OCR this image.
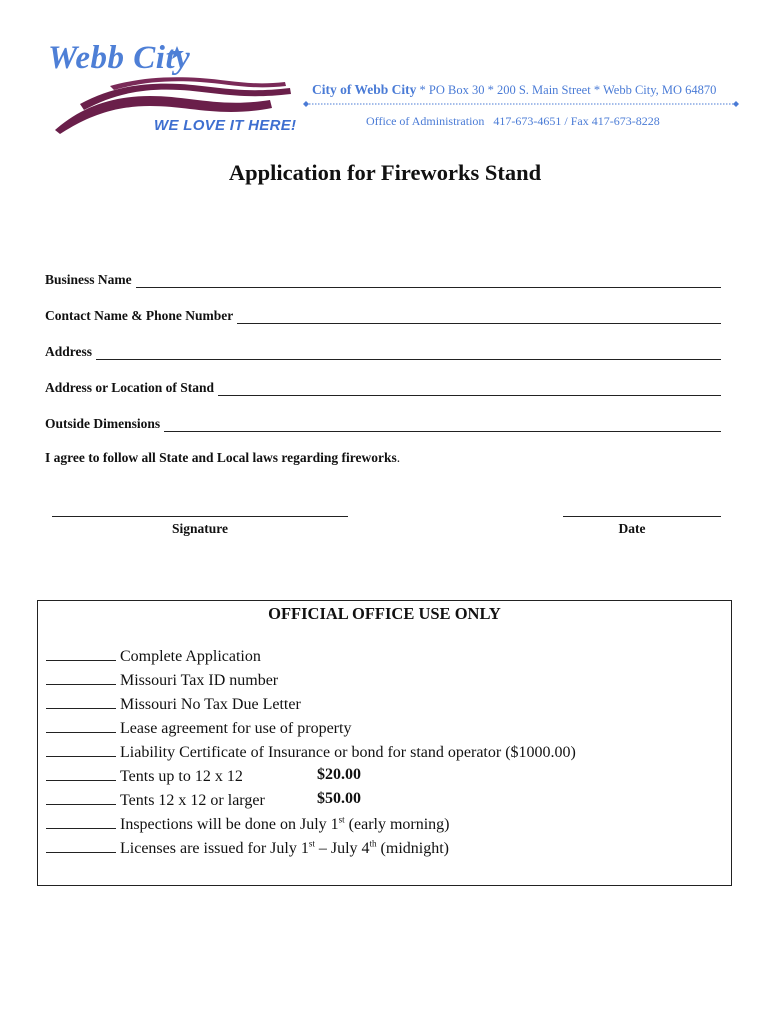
Webb City
WE LOVE IT HERE!
City of Webb City * PO Box 30 * 200 S. Main Street * Webb City, MO 64870
Office of Administration   417-673-4651 / Fax 417-673-8228
Application for Fireworks Stand
Business Name
Contact Name & Phone Number
Address
Address or Location of Stand
Outside Dimensions
I agree to follow all State and Local laws regarding fireworks.
Signature	Date
OFFICIAL OFFICE USE ONLY
Complete Application
Missouri Tax ID number
Missouri No Tax Due Letter
Lease agreement for use of property
Liability Certificate of Insurance or bond for stand operator ($1000.00)
Tents up to 12 x 12	$20.00
Tents 12 x 12 or larger	$50.00
Inspections will be done on July 1st (early morning)
Licenses are issued for July 1st – July 4th (midnight)
